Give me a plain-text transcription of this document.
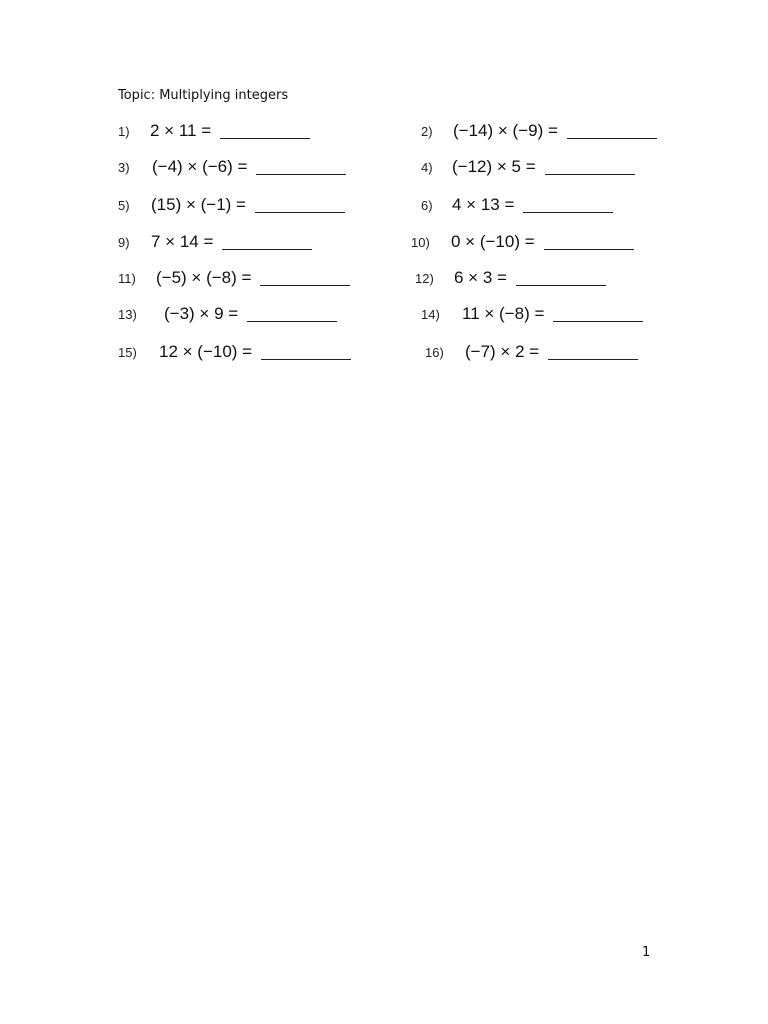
Topic: Multiplying integers
1)	2 × 11 =	2)	(−14) × (−9) =
3)	(−4) × (−6) =	4)	(−12) × 5 =
5)	(15) × (−1) =	6)	4 × 13 =
9)	7 × 14 =	10)	0 × (−10) =
11)	(−5) × (−8) =	12)	6 × 3 =
13)	(−3) × 9 =	14)	11 × (−8) =
15)	12 × (−10) =	16)	(−7) × 2 =
1
